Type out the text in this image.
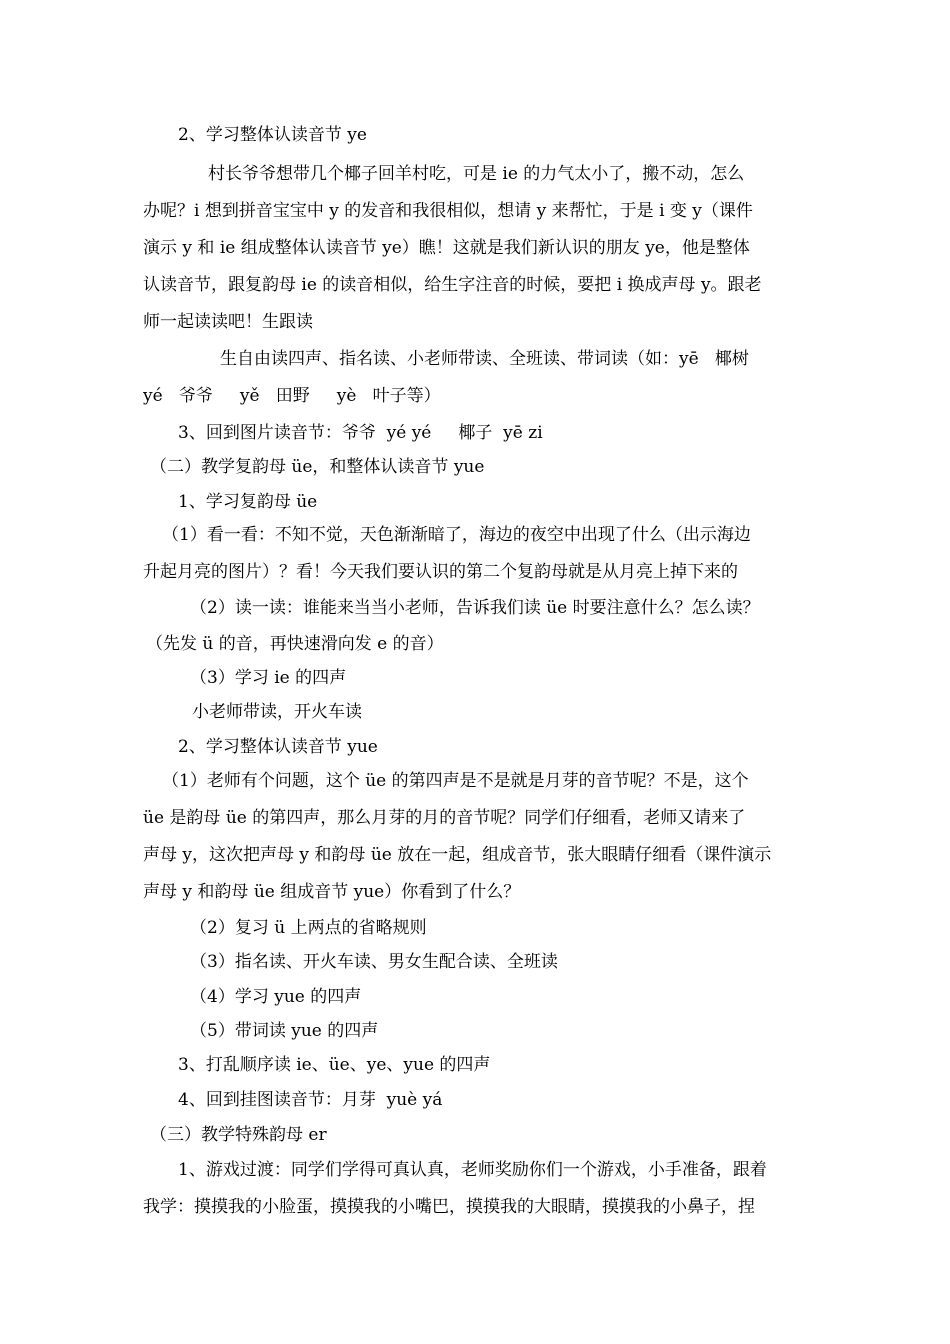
2、学习整体认读音节 ye
村长爷爷想带几个椰子回羊村吃，可是 ie 的力气太小了，搬不动，怎么
办呢？i 想到拼音宝宝中 y 的发音和我很相似，想请 y 来帮忙，于是 i 变 y（课件
演示 y 和 ie 组成整体认读音节 ye）瞧！这就是我们新认识的朋友 ye，他是整体
认读音节，跟复韵母 ie 的读音相似，给生字注音的时候，要把 i 换成声母 y。跟老
师一起读读吧！生跟读
生自由读四声、指名读、小老师带读、全班读、带词读（如：yē   椰树
yé   爷爷     yě   田野     yè   叶子等）
3、回到图片读音节：爷爷  yé yé     椰子  yē zi
（二）教学复韵母 üe，和整体认读音节 yue
1、学习复韵母 üe
（1）看一看：不知不觉，天色渐渐暗了，海边的夜空中出现了什么（出示海边
升起月亮的图片）？看！今天我们要认识的第二个复韵母就是从月亮上掉下来的
（2）读一读：谁能来当当小老师，告诉我们读 üe 时要注意什么？怎么读？
（先发 ü 的音，再快速滑向发 e 的音）
（3）学习 ie 的四声
小老师带读，开火车读
2、学习整体认读音节 yue
（1）老师有个问题，这个 üe 的第四声是不是就是月芽的音节呢？不是，这个
üe 是韵母 üe 的第四声，那么月芽的月的音节呢？同学们仔细看，老师又请来了
声母 y，这次把声母 y 和韵母 üe 放在一起，组成音节，张大眼睛仔细看（课件演示
声母 y 和韵母 üe 组成音节 yue）你看到了什么？
（2）复习 ü 上两点的省略规则
（3）指名读、开火车读、男女生配合读、全班读
（4）学习 yue 的四声
（5）带词读 yue 的四声
3、打乱顺序读 ie、üe、ye、yue 的四声
4、回到挂图读音节：月芽  yuè yá
（三）教学特殊韵母 er
1、游戏过渡：同学们学得可真认真，老师奖励你们一个游戏，小手准备，跟着
我学：摸摸我的小脸蛋，摸摸我的小嘴巴，摸摸我的大眼睛，摸摸我的小鼻子，捏
